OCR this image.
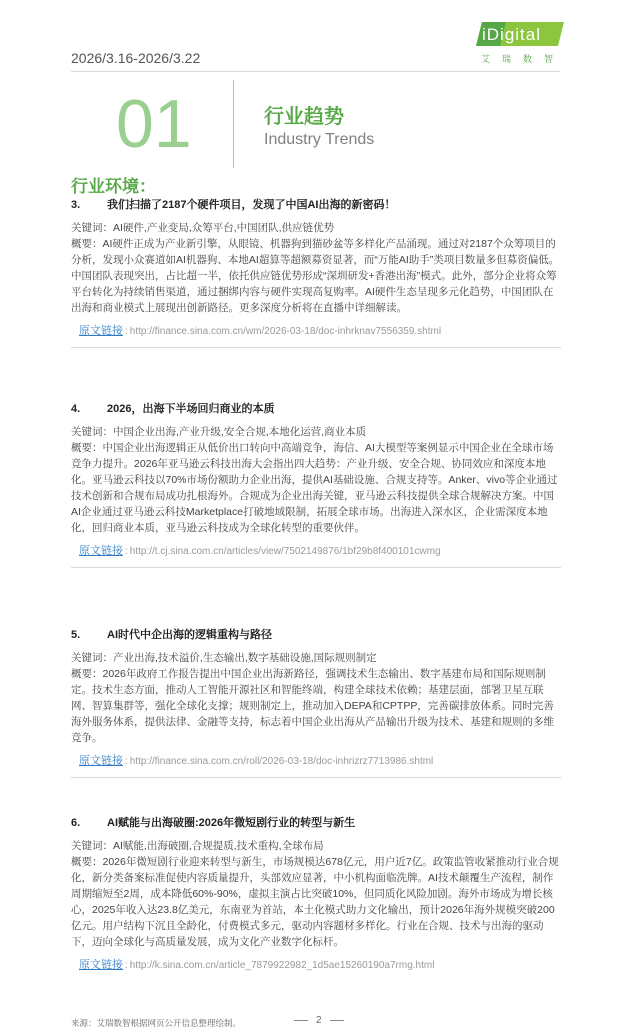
2026/3.16-2026/3.22
iDigital
艾瑞数智
01	行业趋势
Industry Trends
行业环境：
3. 我们扫描了2187个硬件项目，发现了中国AI出海的新密码！
关键词：AI硬件,产业变局,众筹平台,中国团队,供应链优势
概要：AI硬件正成为产业新引擎，从眼镜、机器狗到猫砂盆等多样化产品涌现。通过对2187个众筹项目的分析，发现小众赛道如AI机器狗、本地AI超算等超额募资显著，而“万能AI助手”类项目数量多但募资偏低。中国团队表现突出，占比超一半，依托供应链优势形成“深圳研发+香港出海”模式。此外，部分企业将众筹平台转化为持续销售渠道，通过捆绑内容与硬件实现高复购率。AI硬件生态呈现多元化趋势，中国团队在出海和商业模式上展现出创新路径。更多深度分析将在直播中详细解读。
原文链接 : http://finance.sina.com.cn/wm/2026-03-18/doc-inhrknav7556359.shtml
4. 2026，出海下半场回归商业的本质
关键词：中国企业出海,产业升级,安全合规,本地化运营,商业本质
概要：中国企业出海逻辑正从低价出口转向中高端竞争，海信、AI大模型等案例显示中国企业在全球市场竞争力提升。2026年亚马逊云科技出海大会指出四大趋势：产业升级、安全合规、协同效应和深度本地化。亚马逊云科技以70%市场份额助力企业出海，提供AI基础设施、合规支持等。Anker、vivo等企业通过技术创新和合规布局成功扎根海外。合规成为企业出海关键，亚马逊云科技提供全球合规解决方案。中国AI企业通过亚马逊云科技Marketplace打破地域限制，拓展全球市场。出海进入深水区，企业需深度本地化，回归商业本质，亚马逊云科技成为全球化转型的重要伙伴。
原文链接 : http://t.cj.sina.com.cn/articles/view/7502149876/1bf29b8f400101cwmg
5. AI时代中企出海的逻辑重构与路径
关键词：产业出海,技术溢价,生态输出,数字基础设施,国际规则制定
概要：2026年政府工作报告提出中国企业出海新路径，强调技术生态输出、数字基建布局和国际规则制定。技术生态方面，推动人工智能开源社区和智能终端，构建全球技术依赖；基建层面，部署卫星互联网、智算集群等，强化全球化支撑；规则制定上，推动加入DEPA和CPTPP，完善碳排放体系。同时完善海外服务体系，提供法律、金融等支持，标志着中国企业出海从产品输出升级为技术、基建和规则的多维竞争。
原文链接 : http://finance.sina.com.cn/roll/2026-03-18/doc-inhrizrz7713986.shtml
6. AI赋能与出海破圈:2026年微短剧行业的转型与新生
关键词：AI赋能,出海破圈,合规提质,技术重构,全球布局
概要：2026年微短剧行业迎来转型与新生，市场规模达678亿元，用户近7亿。政策监管收紧推动行业合规化，新分类备案标准促使内容质量提升，头部效应显著，中小机构面临洗牌。AI技术颠覆生产流程，制作周期缩短至2周，成本降低60%-90%，虚拟主演占比突破10%，但同质化风险加剧。海外市场成为增长核心，2025年收入达23.8亿美元，东南亚为首站，本土化模式助力文化输出，预计2026年海外规模突破200亿元。用户结构下沉且全龄化，付费模式多元，驱动内容题材多样化。行业在合规、技术与出海的驱动下，迈向全球化与高质量发展，成为文化产业数字化标杆。
原文链接 : http://k.sina.com.cn/article_7879922982_1d5ae15260190a7rmg.html
来源：艾瑞数智根据网页公开信息整理绘制。	2
